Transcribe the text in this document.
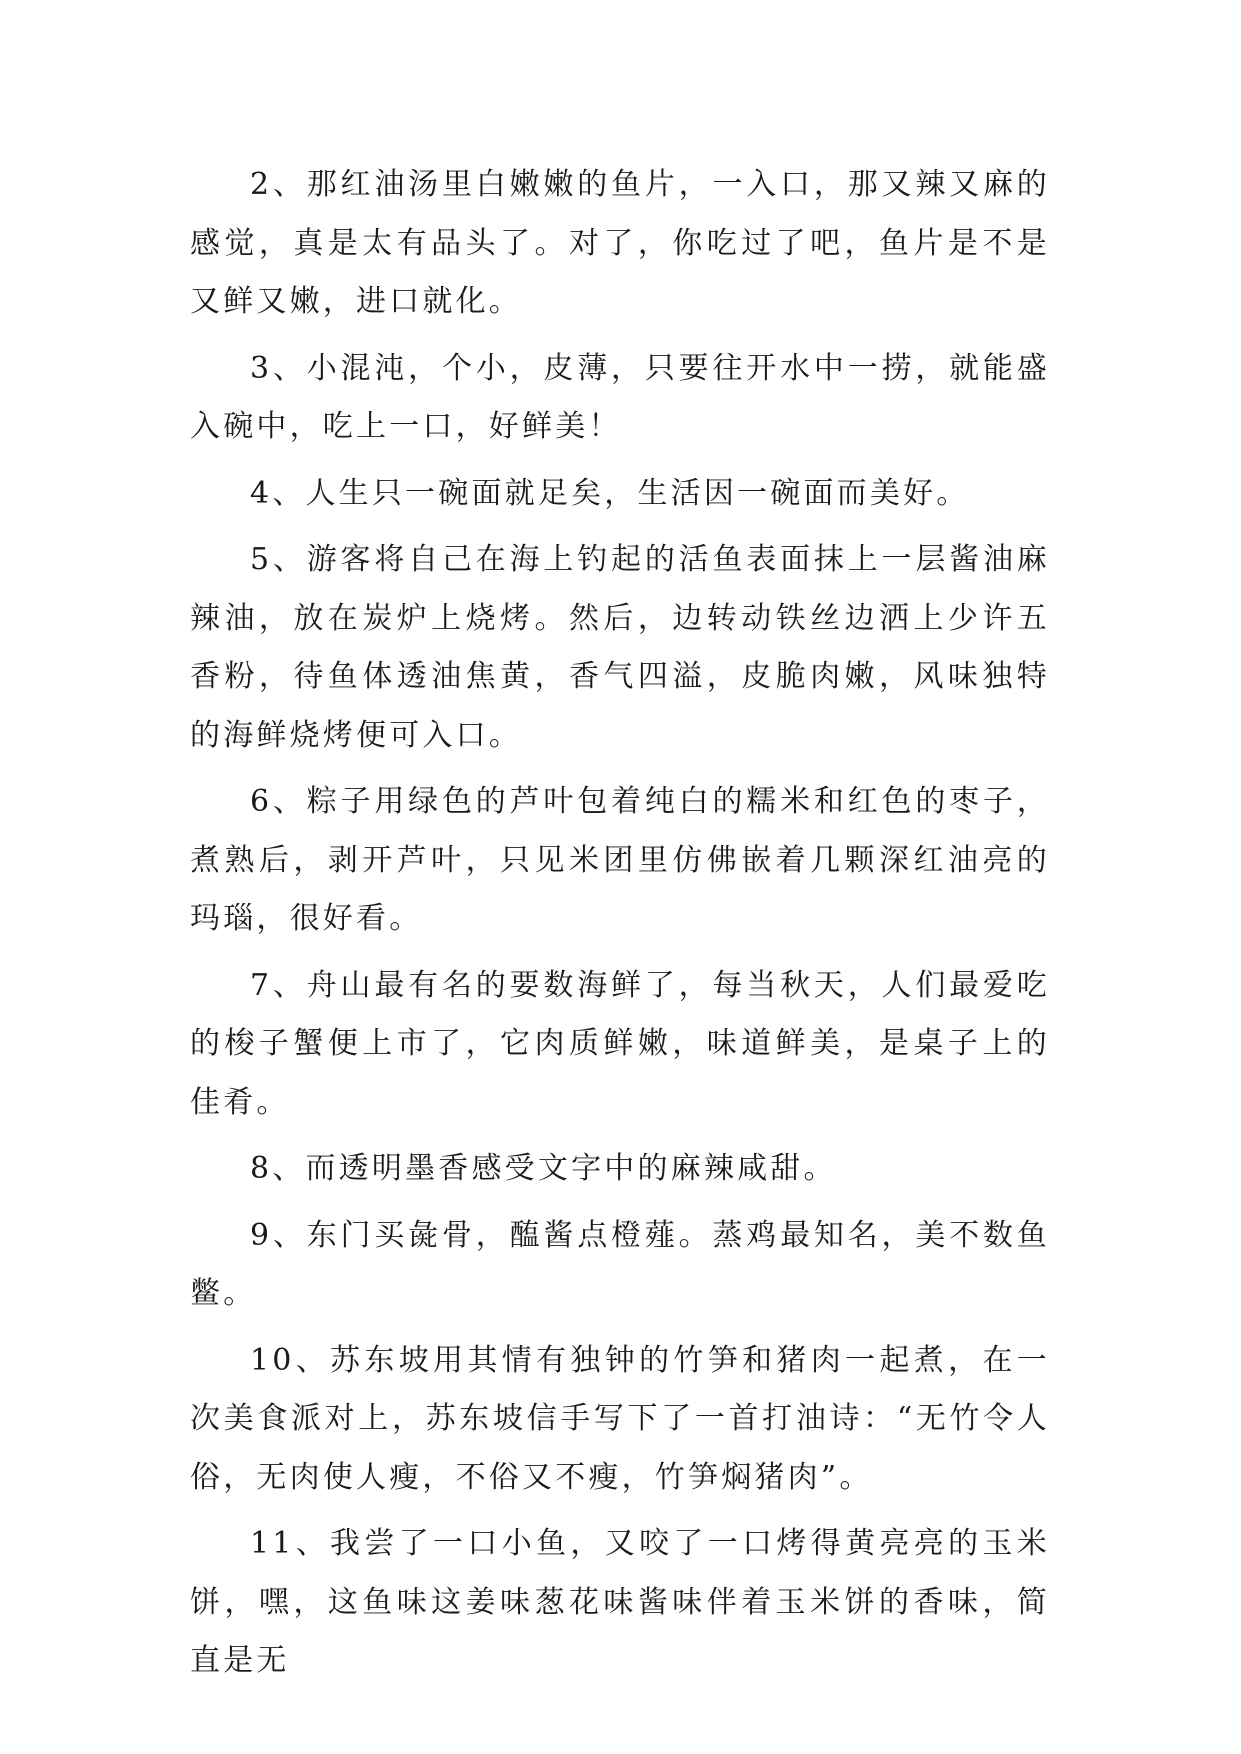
2、那红油汤里白嫩嫩的鱼片，一入口，那又辣又麻的感觉，真是太有品头了。对了，你吃过了吧，鱼片是不是又鲜又嫩，进口就化。

3、小混沌，个小，皮薄，只要往开水中一捞，就能盛入碗中，吃上一口，好鲜美！

4、人生只一碗面就足矣，生活因一碗面而美好。

5、游客将自己在海上钓起的活鱼表面抹上一层酱油麻辣油，放在炭炉上烧烤。然后，边转动铁丝边洒上少许五香粉，待鱼体透油焦黄，香气四溢，皮脆肉嫩，风味独特的海鲜烧烤便可入口。

6、粽子用绿色的芦叶包着纯白的糯米和红色的枣子，煮熟后，剥开芦叶，只见米团里仿佛嵌着几颗深红油亮的玛瑙，很好看。

7、舟山最有名的要数海鲜了，每当秋天，人们最爱吃的梭子蟹便上市了，它肉质鲜嫩，味道鲜美，是桌子上的佳肴。

8、而透明墨香感受文字中的麻辣咸甜。

9、东门买彘骨，醢酱点橙薤。蒸鸡最知名，美不数鱼鳖。

10、苏东坡用其情有独钟的竹笋和猪肉一起煮，在一次美食派对上，苏东坡信手写下了一首打油诗：“无竹令人俗，无肉使人瘦，不俗又不瘦，竹笋焖猪肉”。

11、我尝了一口小鱼，又咬了一口烤得黄亮亮的玉米饼，嘿，这鱼味这姜味葱花味酱味伴着玉米饼的香味，简直是无
